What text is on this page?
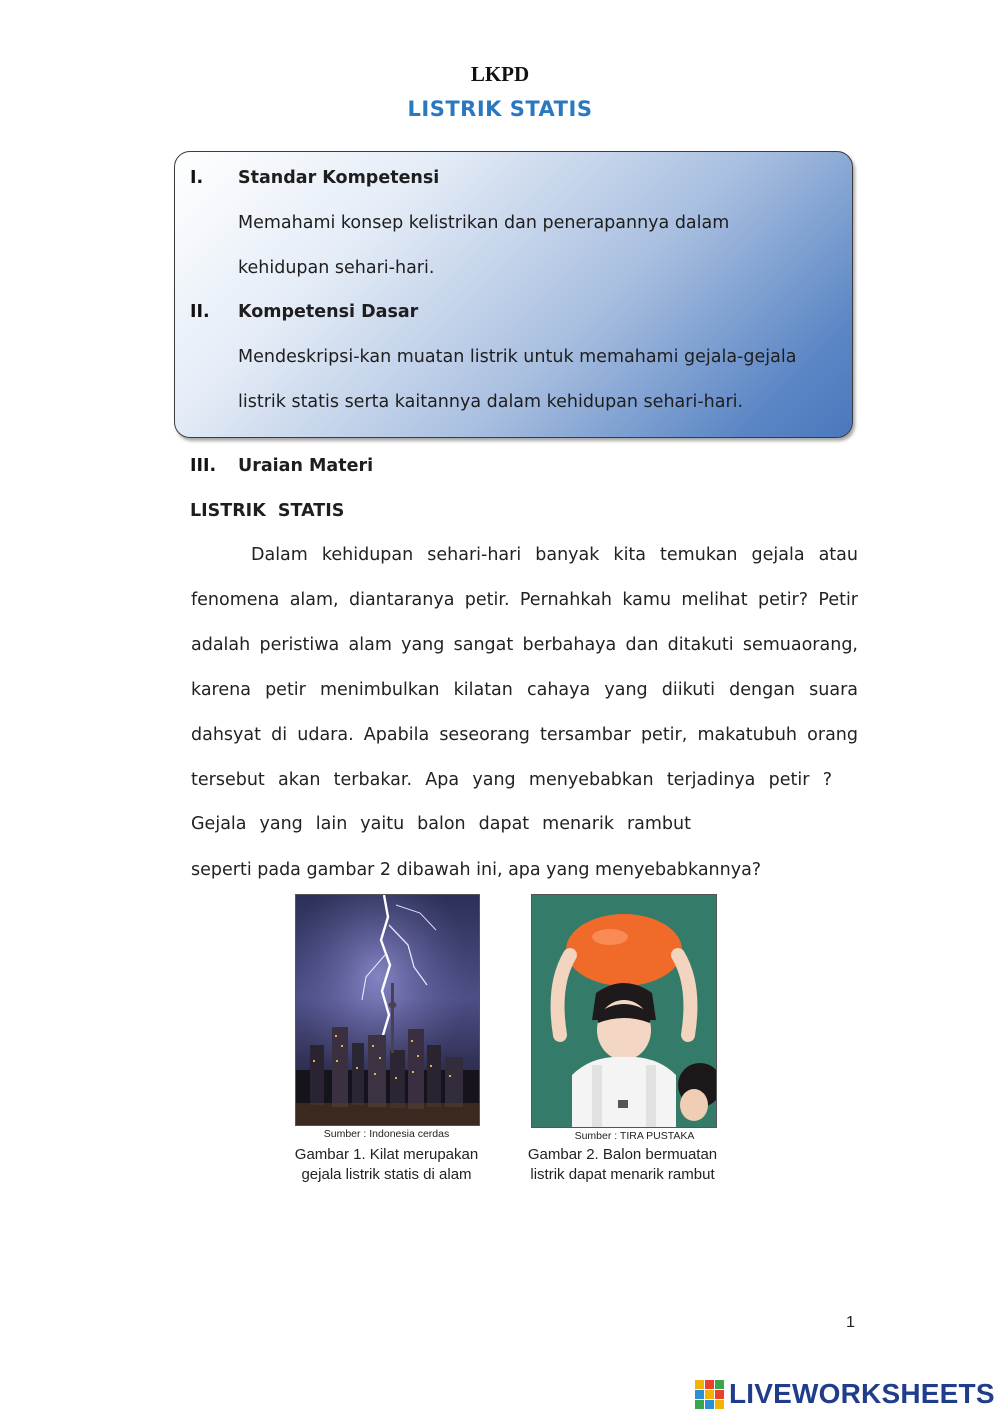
LKPD
LISTRIK STATIS
I. Standar Kompetensi
Memahami konsep kelistrikan dan penerapannya dalam
kehidupan sehari-hari.
II. Kompetensi Dasar
Mendeskripsi-kan muatan listrik untuk memahami gejala-gejala
listrik statis serta kaitannya dalam kehidupan sehari-hari.
III. Uraian Materi
LISTRIK  STATIS
Dalam kehidupan sehari-hari banyak kita temukan gejala atau
fenomena alam, diantaranya petir. Pernahkah kamu melihat petir? Petir
adalah peristiwa alam yang sangat berbahaya dan ditakuti semuaorang,
karena petir menimbulkan kilatan cahaya yang diikuti dengan suara
dahsyat di udara. Apabila seseorang tersambar petir, makatubuh orang
tersebut akan terbakar. Apa yang menyebabkan terjadinya petir ?
Gejala yang lain yaitu balon dapat menarik rambut
seperti pada gambar 2 dibawah ini, apa yang menyebabkannya?
Sumber : Indonesia cerdas
Gambar 1. Kilat merupakan
gejala listrik statis di alam
Sumber : TIRA PUSTAKA
Gambar 2. Balon bermuatan
listrik dapat menarik rambut
1
LIVEWORKSHEETS
